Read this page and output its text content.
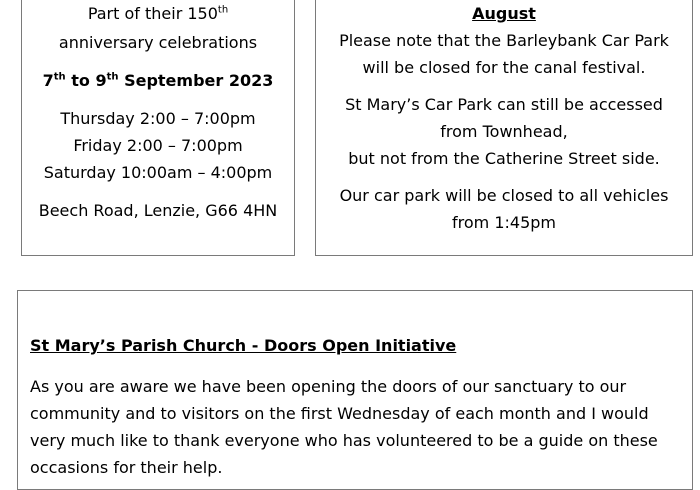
Part of their 150th
anniversary celebrations
7th to 9th September 2023
Thursday 2:00 – 7:00pm
Friday 2:00 – 7:00pm
Saturday 10:00am – 4:00pm
Beech Road, Lenzie, G66 4HN
August
Please note that the Barleybank Car Park
will be closed for the canal festival.
St Mary’s Car Park can still be accessed
from Townhead,
but not from the Catherine Street side.
Our car park will be closed to all vehicles
from 1:45pm
St Mary’s Parish Church - Doors Open Initiative
As you are aware we have been opening the doors of our sanctuary to our community and to visitors on the first Wednesday of each month and I would very much like to thank everyone who has volunteered to be a guide on these occasions for their help.
